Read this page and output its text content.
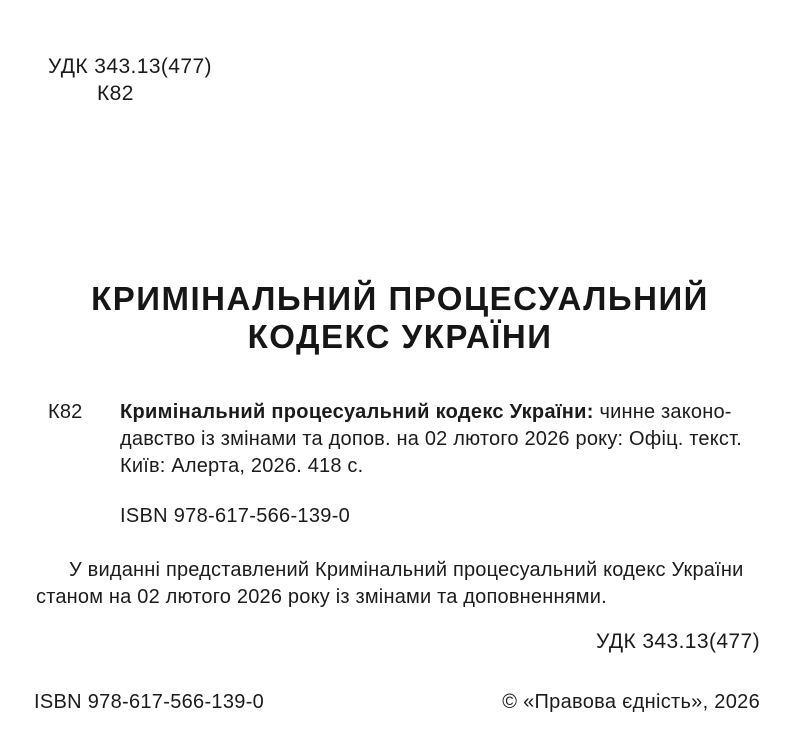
УДК 343.13(477)
К82
КРИМІНАЛЬНИЙ ПРОЦЕСУАЛЬНИЙ
КОДЕКС УКРАЇНИ
К82	Кримінальний процесуальний кодекс України: чинне законо-
давство із змінами та допов. на 02 лютого 2026 року: Офіц. текст.
Київ: Алерта, 2026. 418 с.
ISBN 978-617-566-139-0
У виданні представлений Кримінальний процесуальний кодекс України
станом на 02 лютого 2026 року із змінами та доповненнями.
УДК 343.13(477)
ISBN 978-617-566-139-0	© «Правова єдність», 2026
